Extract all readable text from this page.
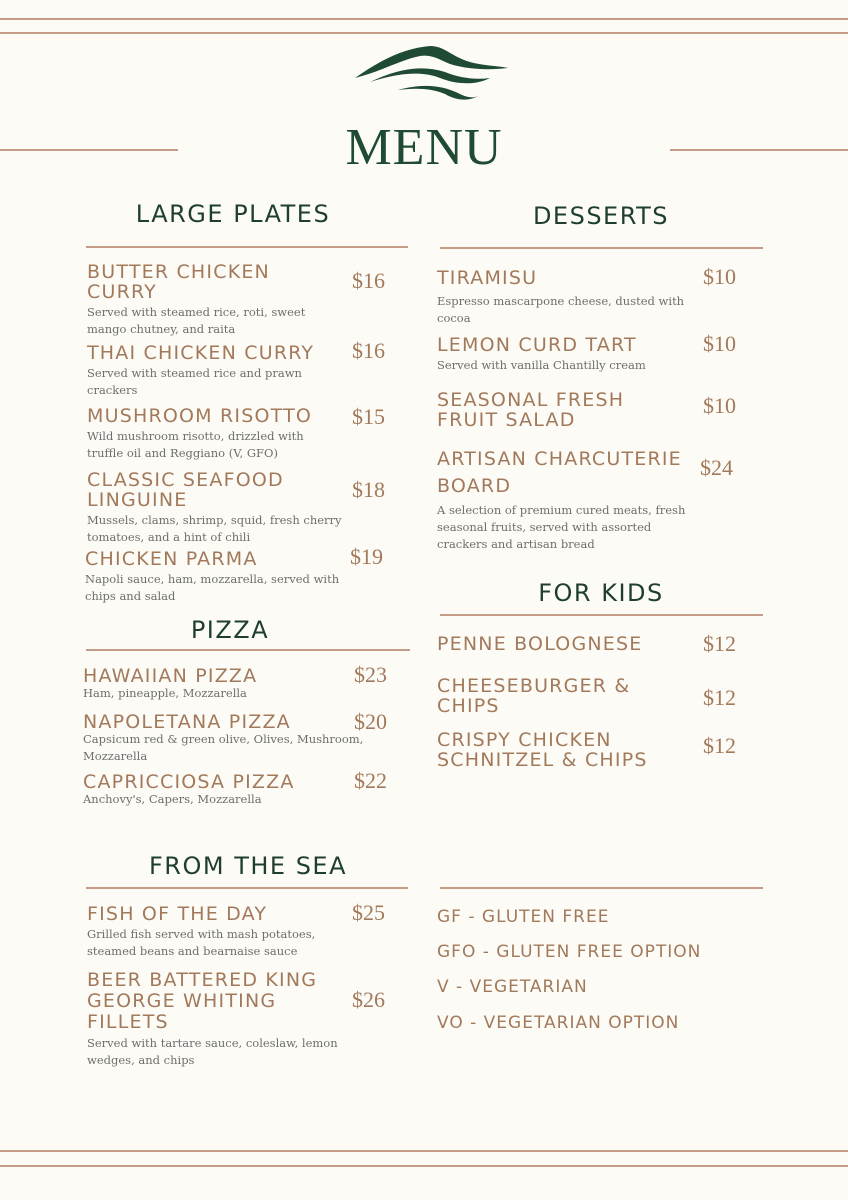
MENU
LARGE PLATES
BUTTER CHICKEN CURRY
Served with steamed rice, roti, sweet mango chutney, and raita
$16
THAI CHICKEN CURRY
Served with steamed rice and prawn crackers
$16
MUSHROOM RISOTTO
Wild mushroom risotto, drizzled with truffle oil and Reggiano (V, GFO)
$15
CLASSIC SEAFOOD LINGUINE
Mussels, clams, shrimp, squid, fresh cherry tomatoes, and a hint of chili
$18
CHICKEN PARMA
Napoli sauce, ham, mozzarella, served with chips and salad
$19
PIZZA
HAWAIIAN PIZZA
Ham, pineapple, Mozzarella
$23
NAPOLETANA PIZZA
Capsicum red & green olive, Olives, Mushroom, Mozzarella
$20
CAPRICCIOSA PIZZA
Anchovy's, Capers, Mozzarella
$22
FROM THE SEA
FISH OF THE DAY
Grilled fish served with mash potatoes, steamed beans and bearnaise sauce
$25
BEER BATTERED KING GEORGE WHITING FILLETS
Served with tartare sauce, coleslaw, lemon wedges, and chips
$26
DESSERTS
TIRAMISU
Espresso mascarpone cheese, dusted with cocoa
$10
LEMON CURD TART
Served with vanilla Chantilly cream
$10
SEASONAL FRESH FRUIT SALAD
$10
ARTISAN CHARCUTERIE BOARD
A selection of premium cured meats, fresh seasonal fruits, served with assorted crackers and artisan bread
$24
FOR KIDS
PENNE BOLOGNESE	$12
CHEESEBURGER & CHIPS	$12
CRISPY CHICKEN SCHNITZEL & CHIPS
$12
GF - GLUTEN FREE
GFO - GLUTEN FREE OPTION
V - VEGETARIAN
VO - VEGETARIAN OPTION
